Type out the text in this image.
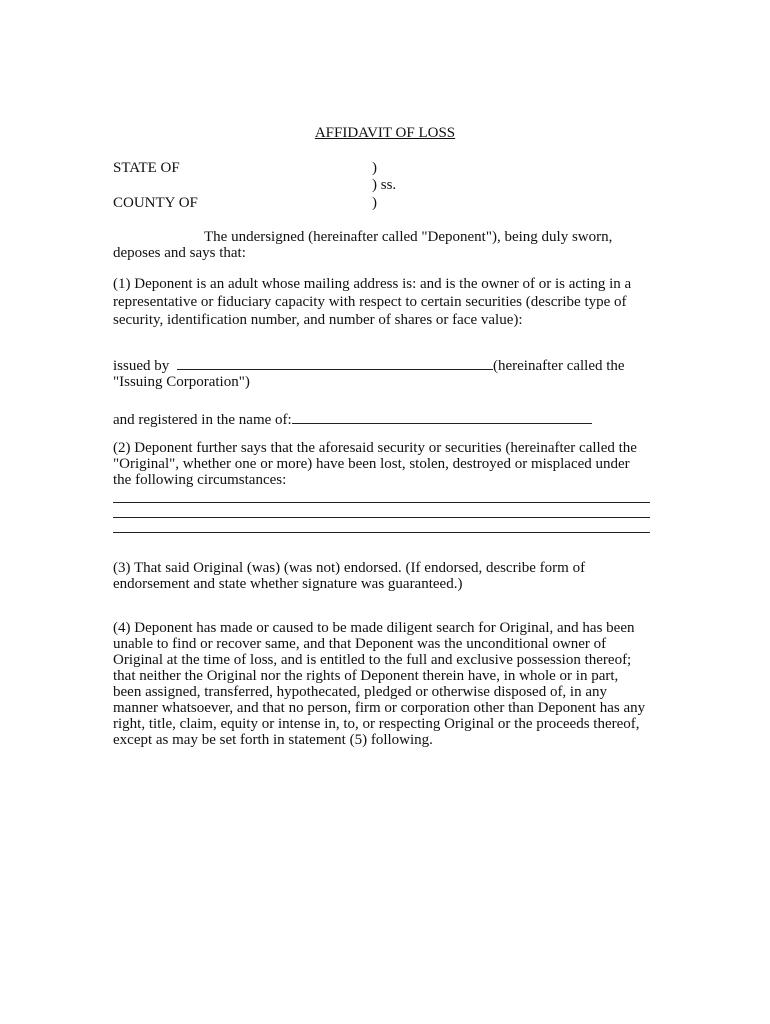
AFFIDAVIT OF LOSS
STATE OF
COUNTY OF
)
) ss.
)
The undersigned (hereinafter called "Deponent"), being duly sworn,
deposes and says that:
(1) Deponent is an adult whose mailing address is: and is the owner of or is acting in a
representative or fiduciary capacity with respect to certain securities (describe type of
security, identification number, and number of shares or face value):
issued by	(hereinafter called the
"Issuing Corporation")
and registered in the name of:
(2) Deponent further says that the aforesaid security or securities (hereinafter called the
"Original", whether one or more) have been lost, stolen, destroyed or misplaced under
the following circumstances:
(3) That said Original (was) (was not) endorsed. (If endorsed, describe form of
endorsement and state whether signature was guaranteed.)
(4) Deponent has made or caused to be made diligent search for Original, and has been
unable to find or recover same, and that Deponent was the unconditional owner of
Original at the time of loss, and is entitled to the full and exclusive possession thereof;
that neither the Original nor the rights of Deponent therein have, in whole or in part,
been assigned, transferred, hypothecated, pledged or otherwise disposed of, in any
manner whatsoever, and that no person, firm or corporation other than Deponent has any
right, title, claim, equity or intense in, to, or respecting Original or the proceeds thereof,
except as may be set forth in statement (5) following.
